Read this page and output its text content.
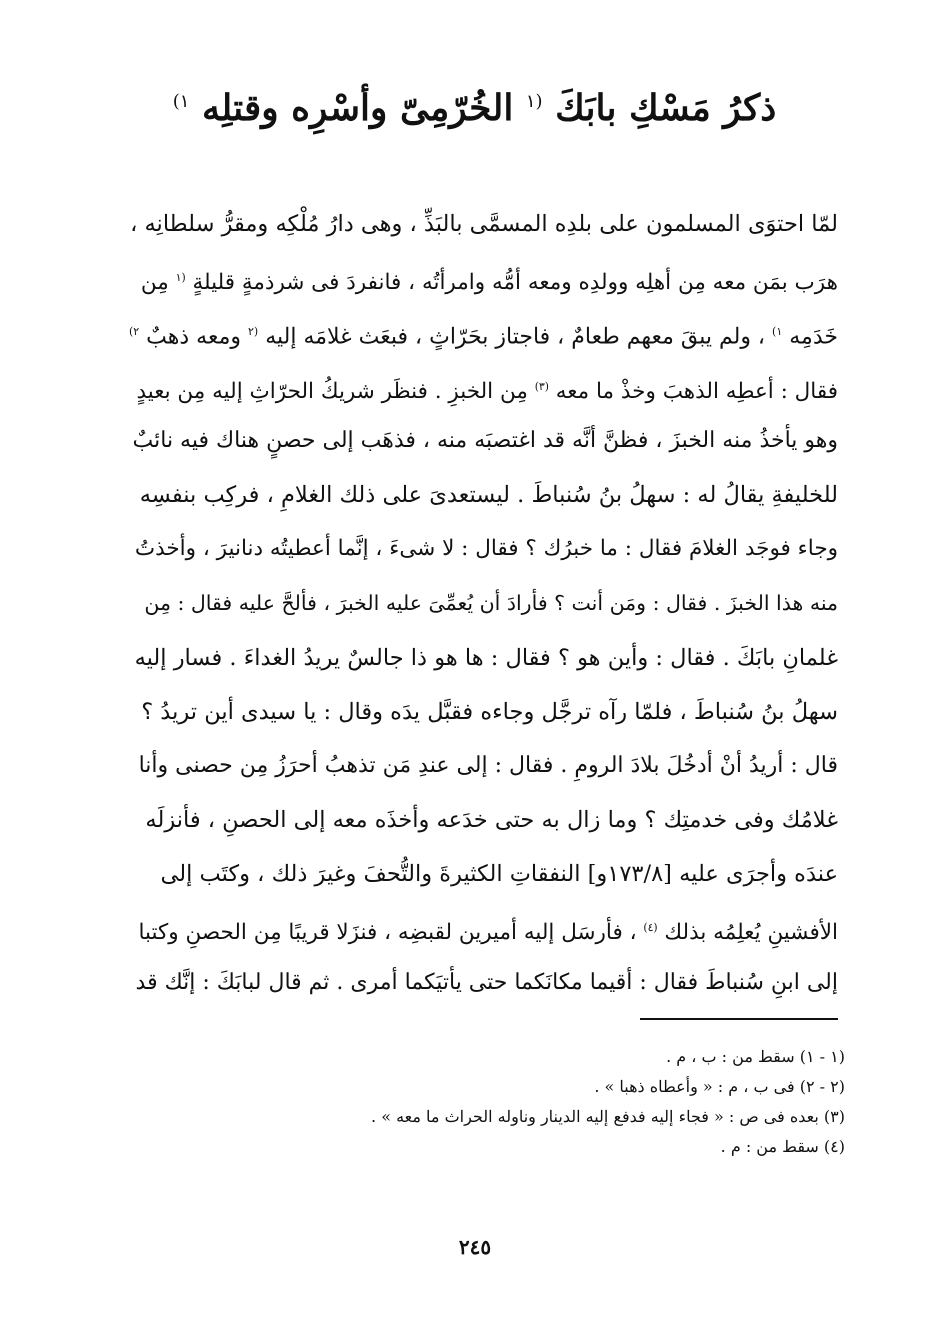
ذكرُ مَسْكِ بابَكَ $^{(١}$ الخُرّمِىّ وأسْرِه وقتلِه $^{١)}$
لمّا احتوَى المسلمون على بلدِه المسمَّى بالبَذِّ ، وهى دارُ مُلْكِه ومقرُّ سلطانِه ،
هرَب بمَن معه مِن أهلِه وولدِه ومعه أمُّه وامرأتُه ، فانفردَ فى شرذمةٍ قليلةٍ $^{(١}$ مِن
خَدَمِه $^{١)}$ ، ولم يبقَ معهم طعامٌ ، فاجتاز بحَرّاثٍ ، فبعَث غلامَه إليه $^{(٢}$ ومعه ذهبٌ $^{٢)}$
فقال : أعطِه الذهبَ وخذْ ما معه $^{(٣)}$ مِن الخبزِ . فنظَر شريكُ الحرّاثِ إليه مِن بعيدٍ
وهو يأخذُ منه الخبزَ ، فظنَّ أنَّه قد اغتصبَه منه ، فذهَب إلى حصنٍ هناك فيه نائبٌ
للخليفةِ يقالُ له : سهلُ بنُ سُنباطَ . ليستعدىَ على ذلك الغلامِ ، فركِب بنفسِه
وجاء فوجَد الغلامَ فقال : ما خبرُك ؟ فقال : لا شىءَ ، إنَّما أعطيتُه دنانيرَ ، وأخذتُ
منه هذا الخبزَ . فقال : ومَن أنت ؟ فأرادَ أن يُعمِّىَ عليه الخبرَ ، فألحَّ عليه فقال : مِن
غلمانِ بابَكَ . فقال : وأين هو ؟ فقال : ها هو ذا جالسٌ يريدُ الغداءَ . فسار إليه
سهلُ بنُ سُنباطَ ، فلمّا رآه ترجَّل وجاءه فقبَّل يدَه وقال : يا سيدى أين تريدُ ؟
قال : أريدُ أنْ أدخُلَ بلادَ الرومِ . فقال : إلى عندِ مَن تذهبُ أحرَزُ مِن حصنى وأنا
غلامُك وفى خدمتِك ؟ وما زال به حتى خدَعه وأخذَه معه إلى الحصنِ ، فأنزلَه
عندَه وأجرَى عليه [١٧٣/٨و] النفقاتِ الكثيرةَ والتُّحفَ وغيرَ ذلك ، وكتَب إلى
الأفشينِ يُعلِمُه بذلك $^{(٤)}$ ، فأرسَل إليه أميرين لقبضِه ، فنزَلا قريبًا مِن الحصنِ وكتبا
إلى ابنِ سُنباطَ فقال : أقيما مكانَكما حتى يأتيَكما أمرى . ثم قال لبابَكَ : إنَّك قد
(١ - ١) سقط من : ب ، م .
(٢ - ٢) فى ب ، م : « وأعطاه ذهبا » .
(٣) بعده فى ص : « فجاء إليه فدفع إليه الدينار وناوله الحراث ما معه » .
(٤) سقط من : م .
٢٤٥
